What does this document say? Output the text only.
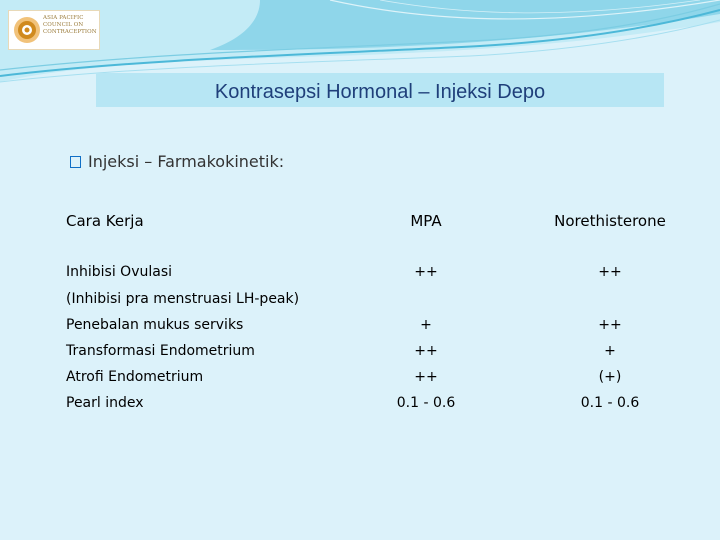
ASIA PACIFIC
COUNCIL ON
CONTRACEPTION
Kontrasepsi Hormonal – Injeksi Depo
Injeksi – Farmakokinetik:
Cara Kerja	MPA	Norethisterone
Inhibisi Ovulasi	++	++
(Inhibisi pra menstruasi LH-peak)
Penebalan mukus serviks	+	++
Transformasi Endometrium	++	+
Atrofi Endometrium	++	(+)
Pearl index	0.1 - 0.6	0.1 - 0.6
